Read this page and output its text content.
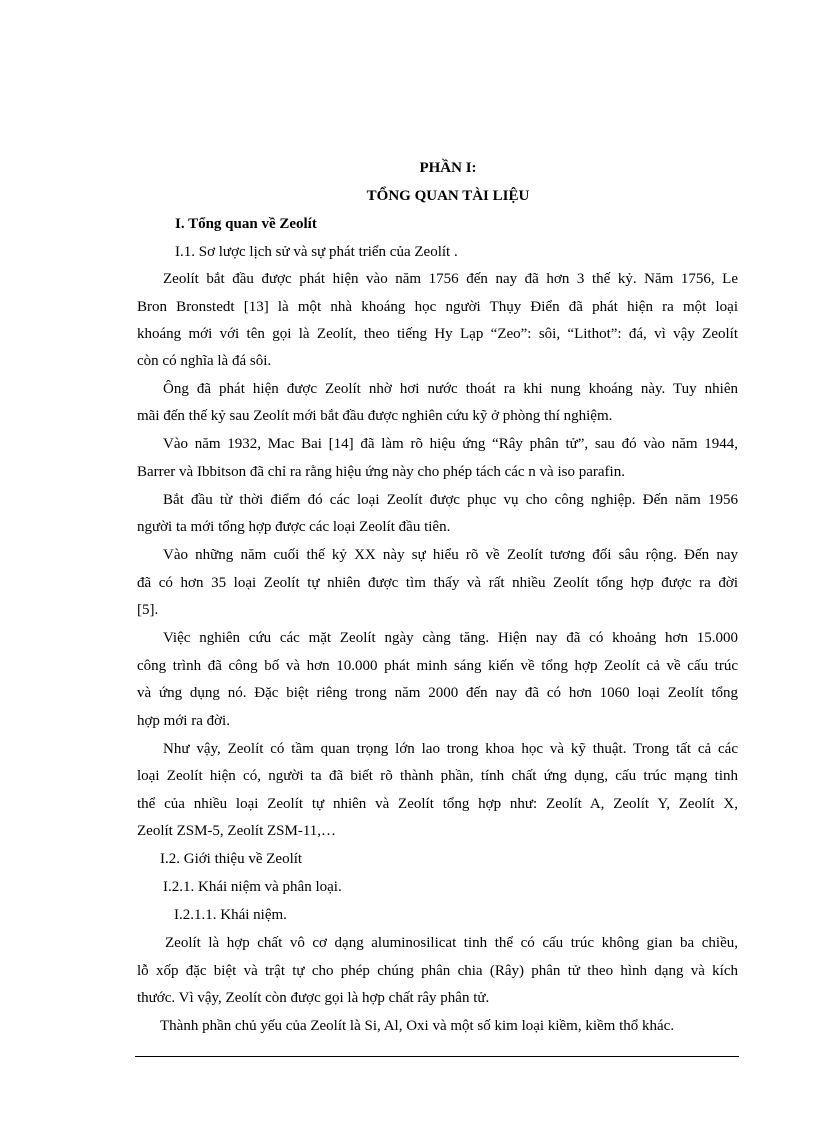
PHẦN I:
TỔNG QUAN TÀI LIỆU
I. Tổng quan về Zeolít
I.1. Sơ lược lịch sử và sự phát triển của Zeolít .
Zeolít bắt đầu được phát hiện vào năm 1756 đến nay đã hơn 3 thế kỷ. Năm 1756, Le
Bron Bronstedt [13] là một nhà khoáng học người Thụy Điển đã phát hiện ra một loại
khoáng mới với tên gọi là Zeolít, theo tiếng Hy Lạp “Zeo”: sôi, “Lithot”: đá, vì vậy Zeolít
còn có nghĩa là đá sôi.
Ông đã phát hiện được Zeolít nhờ hơi nước thoát ra khi nung khoáng này. Tuy nhiên
mãi đến thế kỷ sau Zeolít mới bắt đầu được nghiên cứu kỹ ở phòng thí nghiệm.
Vào năm 1932, Mac Bai [14] đã làm rõ hiệu ứng “Rây phân tử”, sau đó vào năm 1944,
Barrer và Ibbitson đã chỉ ra rằng hiệu ứng này cho phép tách các n và iso parafin.
Bắt đầu từ thời điểm đó các loại Zeolít được phục vụ cho công nghiệp. Đến năm 1956
người ta mới tổng hợp được các loại Zeolít đầu tiên.
Vào những năm cuối thế kỷ XX này sự hiểu rõ về Zeolít tương đối sâu rộng. Đến nay
đã có hơn 35 loại Zeolít tự nhiên được tìm thấy và rất nhiều Zeolít tổng hợp được ra đời
[5].
Việc nghiên cứu các mặt Zeolít ngày càng tăng. Hiện nay đã có khoảng hơn 15.000
công trình đã công bố và hơn 10.000 phát minh sáng kiến về tổng hợp Zeolít cả về cấu trúc
và ứng dụng nó. Đặc biệt riêng trong năm 2000 đến nay đã có hơn 1060 loại Zeolít tổng
hợp mới ra đời.
Như vậy, Zeolít có tầm quan trọng lớn lao trong khoa học và kỹ thuật. Trong tất cả các
loại Zeolít hiện có, người ta đã biết rõ thành phần, tính chất ứng dụng, cấu trúc mạng tinh
thể của nhiều loại Zeolít tự nhiên và Zeolít tổng hợp như: Zeolít A, Zeolít Y, Zeolít X,
Zeolít ZSM-5, Zeolít ZSM-11,…
I.2. Giới thiệu về Zeolít
I.2.1. Khái niệm và phân loại.
I.2.1.1. Khái niệm.
Zeolít là hợp chất vô cơ dạng aluminosilicat tinh thể có cấu trúc không gian ba chiều,
lỗ xốp đặc biệt và trật tự cho phép chúng phân chia (Rây) phân tử theo hình dạng và kích
thước. Vì vậy, Zeolít còn được gọi là hợp chất rây phân tử.
Thành phần chủ yếu của Zeolít là Si, Al, Oxi và một số kim loại kiềm, kiềm thổ khác.
